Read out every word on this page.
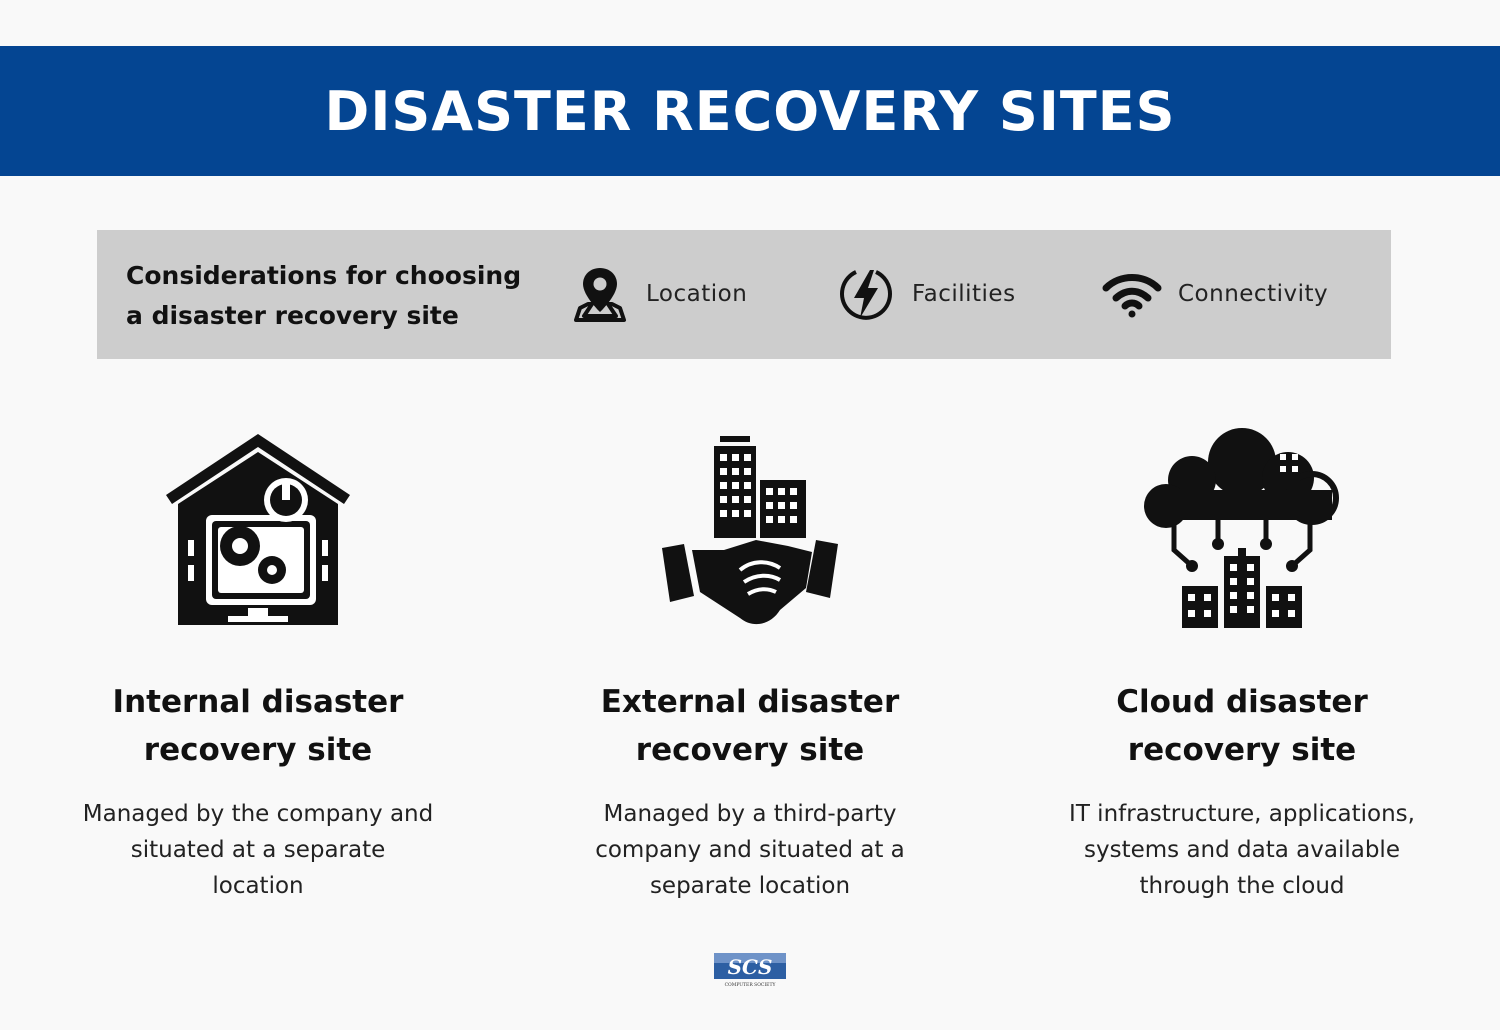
DISASTER RECOVERY SITES
Considerations for choosing
a disaster recovery site
Location	Facilities	Connectivity
Internal disaster
recovery site
Managed by the company and
situated at a separate
location
External disaster
recovery site
Managed by a third-party
company and situated at a
separate location
Cloud disaster
recovery site
IT infrastructure, applications,
systems and data available
through the cloud
SCS
COMPUTER SOCIETY
